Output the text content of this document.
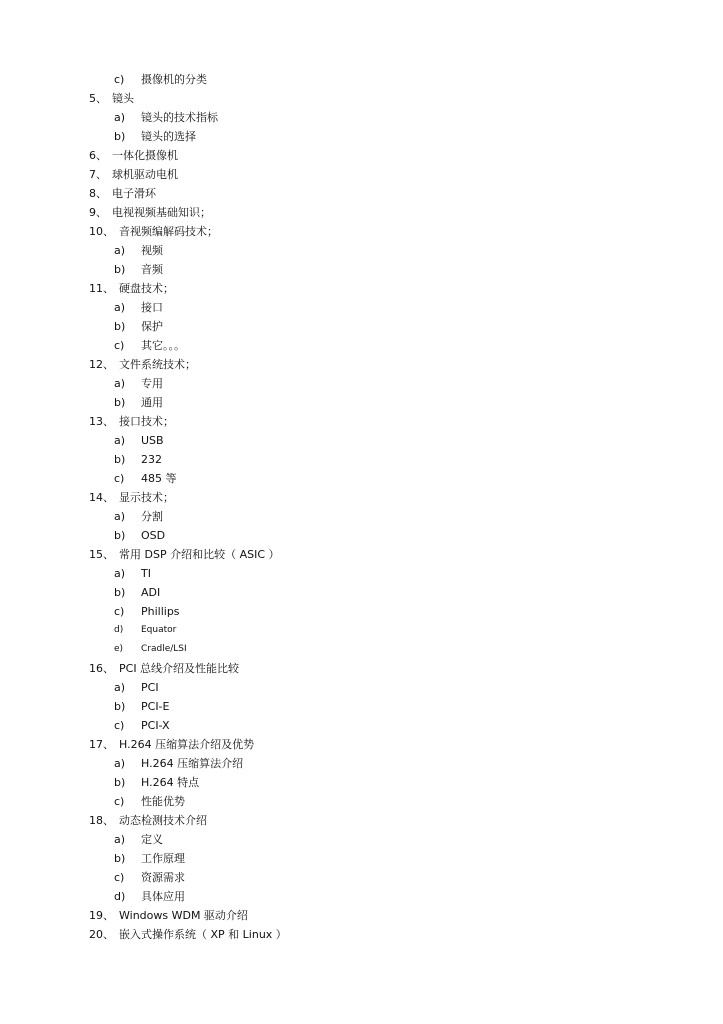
c) 摄像机的分类
5、 镜头
a) 镜头的技术指标
b) 镜头的选择
6、 一体化摄像机
7、 球机驱动电机
8、 电子滑环
9、 电视视频基础知识；
10、 音视频编解码技术；
a) 视频
b) 音频
11、 硬盘技术；
a) 接口
b) 保护
c) 其它。。。
12、 文件系统技术；
a) 专用
b) 通用
13、 接口技术；
a) USB
b) 232
c) 485 等
14、 显示技术；
a) 分割
b) OSD
15、 常用 DSP 介绍和比较（ ASIC ）
a) TI
b) ADI
c) Phillips
d) Equator
e) Cradle/LSI
16、 PCI 总线介绍及性能比较
a) PCI
b) PCI-E
c) PCI-X
17、 H.264 压缩算法介绍及优势
a) H.264 压缩算法介绍
b) H.264 特点
c) 性能优势
18、 动态检测技术介绍
a) 定义
b) 工作原理
c) 资源需求
d) 具体应用
19、 Windows WDM 驱动介绍
20、 嵌入式操作系统（ XP 和 Linux ）
